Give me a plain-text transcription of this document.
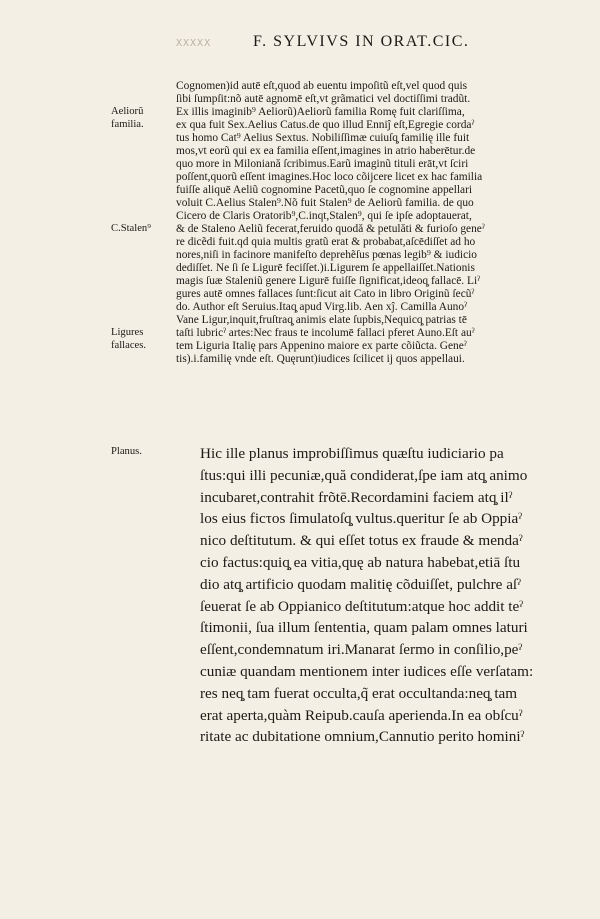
XXXXX	F. SYLVIVS IN ORAT.CIC.
Aeliorũ
familia.
C.Stalen⁹
Ligures
fallaces.
Planus.
Cognomen)id autē eſt,quod ab euentu impoſitũ eſt,vel quod quis
ſibi ſumpſit:nõ autē agnomē eſt,vt grãmatici vel doctiſſimi tradũt.
Ex illis imaginib⁹ Aeliorũ)Aeliorũ familia Romę fuit clariſſima,
ex qua fuit Sex.Aelius Catus.de quo illud Enniĵ eſt,Egregie cordaˀ
tus homo Cat⁹ Aelius Sextus. Nobiliſſimæ cuiuſq̧ familię ille fuit
mos,vt eorũ qui ex ea familia eſſent,imagines in atrio haberētur.de
quo more in Miloniană ſcribimus.Earũ imaginũ tituli erāt,vt ſciri
poſſent,quorũ eſſent imagines.Hoc loco cõijcere licet ex hac familia
fuiſſe aliquē Aeliũ cognomine Pacetũ,quo ſe cognomine appellari
voluit C.Aelius Stalen⁹.Nõ fuit Stalen⁹ de Aeliorũ familia. de quo
Cicero de Claris Oratorib⁹,C.inqt,Stalen⁹, qui ſe ipſe adoptauerat,
& de Staleno Aeliũ fecerat,feruido quodă & petulăti & furioſo geneˀ
re dicẽdi fuit.qd quia multis gratũ erat & probabat,aſcēdiſſet ad ho
nores,niſi in facinore manifeſto deprehẽſus pœnas legib⁹ & iudicio
dediſſet. Ne ſi ſe Ligurē feciſſet.)i.Ligurem ſe appellaiſſet.Nationis
magis ſuæ Staleniũ genere Ligurē fuiſſe ſignificat,ideoq̧ fallacē. Liˀ
gures autē omnes fallaces ſunt:ſicut ait Cato in libro Originũ ſecũˀ
do. Author eſt Seruius.Itaq̧ apud Virg.lib. Aen xĵ. Camilla Aunoˀ
Vane Ligur,inquit,fruſtraq̧ animis elate ſupbis,Nequicq̧ patrias tē
taſti lubricˀ artes:Nec fraus te incolumē fallaci pferet Auno.Eſt auˀ
tem Liguria Italię pars Appenino maiore ex parte cõiũcta. Geneˀ
tis).i.familię vnde eſt. Quęrunt)iudices ſcilicet ij quos appellaui.
Hic ille planus improbiſſimus quæſtu iudiciario pa
ſtus:qui illi pecuniæ,quă condiderat,ſpe iam atq̧ animo
incubaret,contrahit frõtē.Recordamini faciem atq̧ ilˀ
los eius ficτos ſimulatoſq̧ vultus.queritur ſe ab Oppiaˀ
nico deſtitutum. & qui eſſet totus ex fraude & mendaˀ
cio factus:quiq̧ ea vitia,quę ab natura habebat,etiā ſtu
dio atq̧ artificio quodam malitię cõduiſſet, pulchre aſˀ
ſeuerat ſe ab Oppianico deſtitutum:atque hoc addit teˀ
ſtimonii, ſua illum ſententia, quam palam omnes laturi
eſſent,condemnatum iri.Manarat ſermo in conſilio,peˀ
cuniæ quandam mentionem inter iudices eſſe verſatam:
res neq̧ tam fuerat occulta,q̃ erat occultanda:neq̧ tam
erat aperta,quàm Reipub.cauſa aperienda.In ea obſcuˀ
ritate ac dubitatione omnium,Cannutio perito hominiˀ
